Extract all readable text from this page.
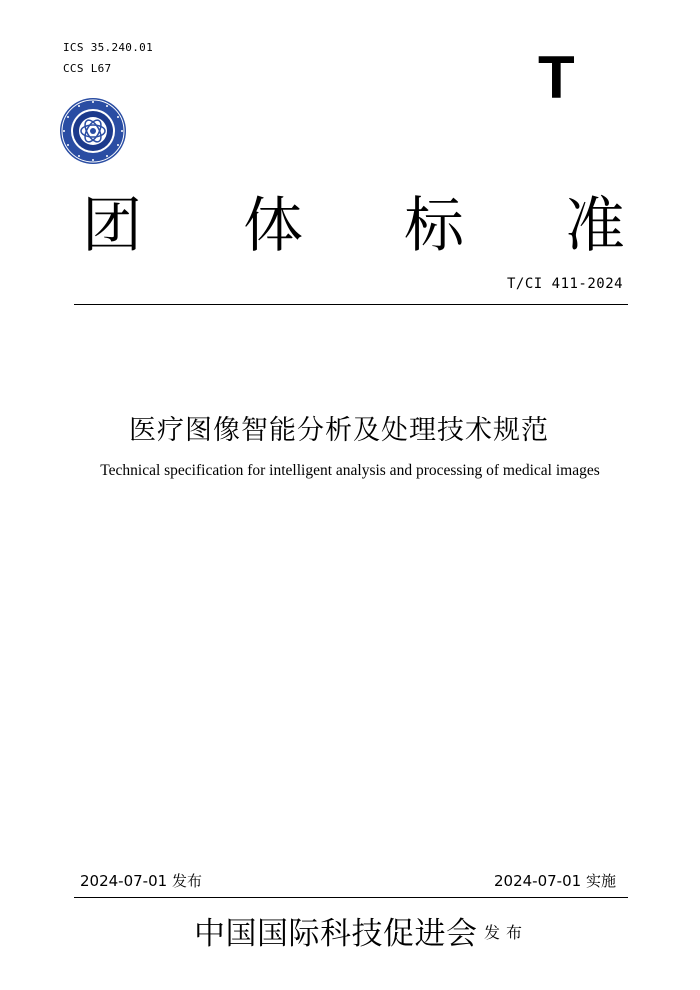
ICS 35.240.01
CCS L67	T
团 体 标 准
T/CI 411-2024
医疗图像智能分析及处理技术规范
Technical specification for intelligent analysis and processing of medical images
2024-07-01 发布	2024-07-01 实施
中国国际科技促进会 发布
